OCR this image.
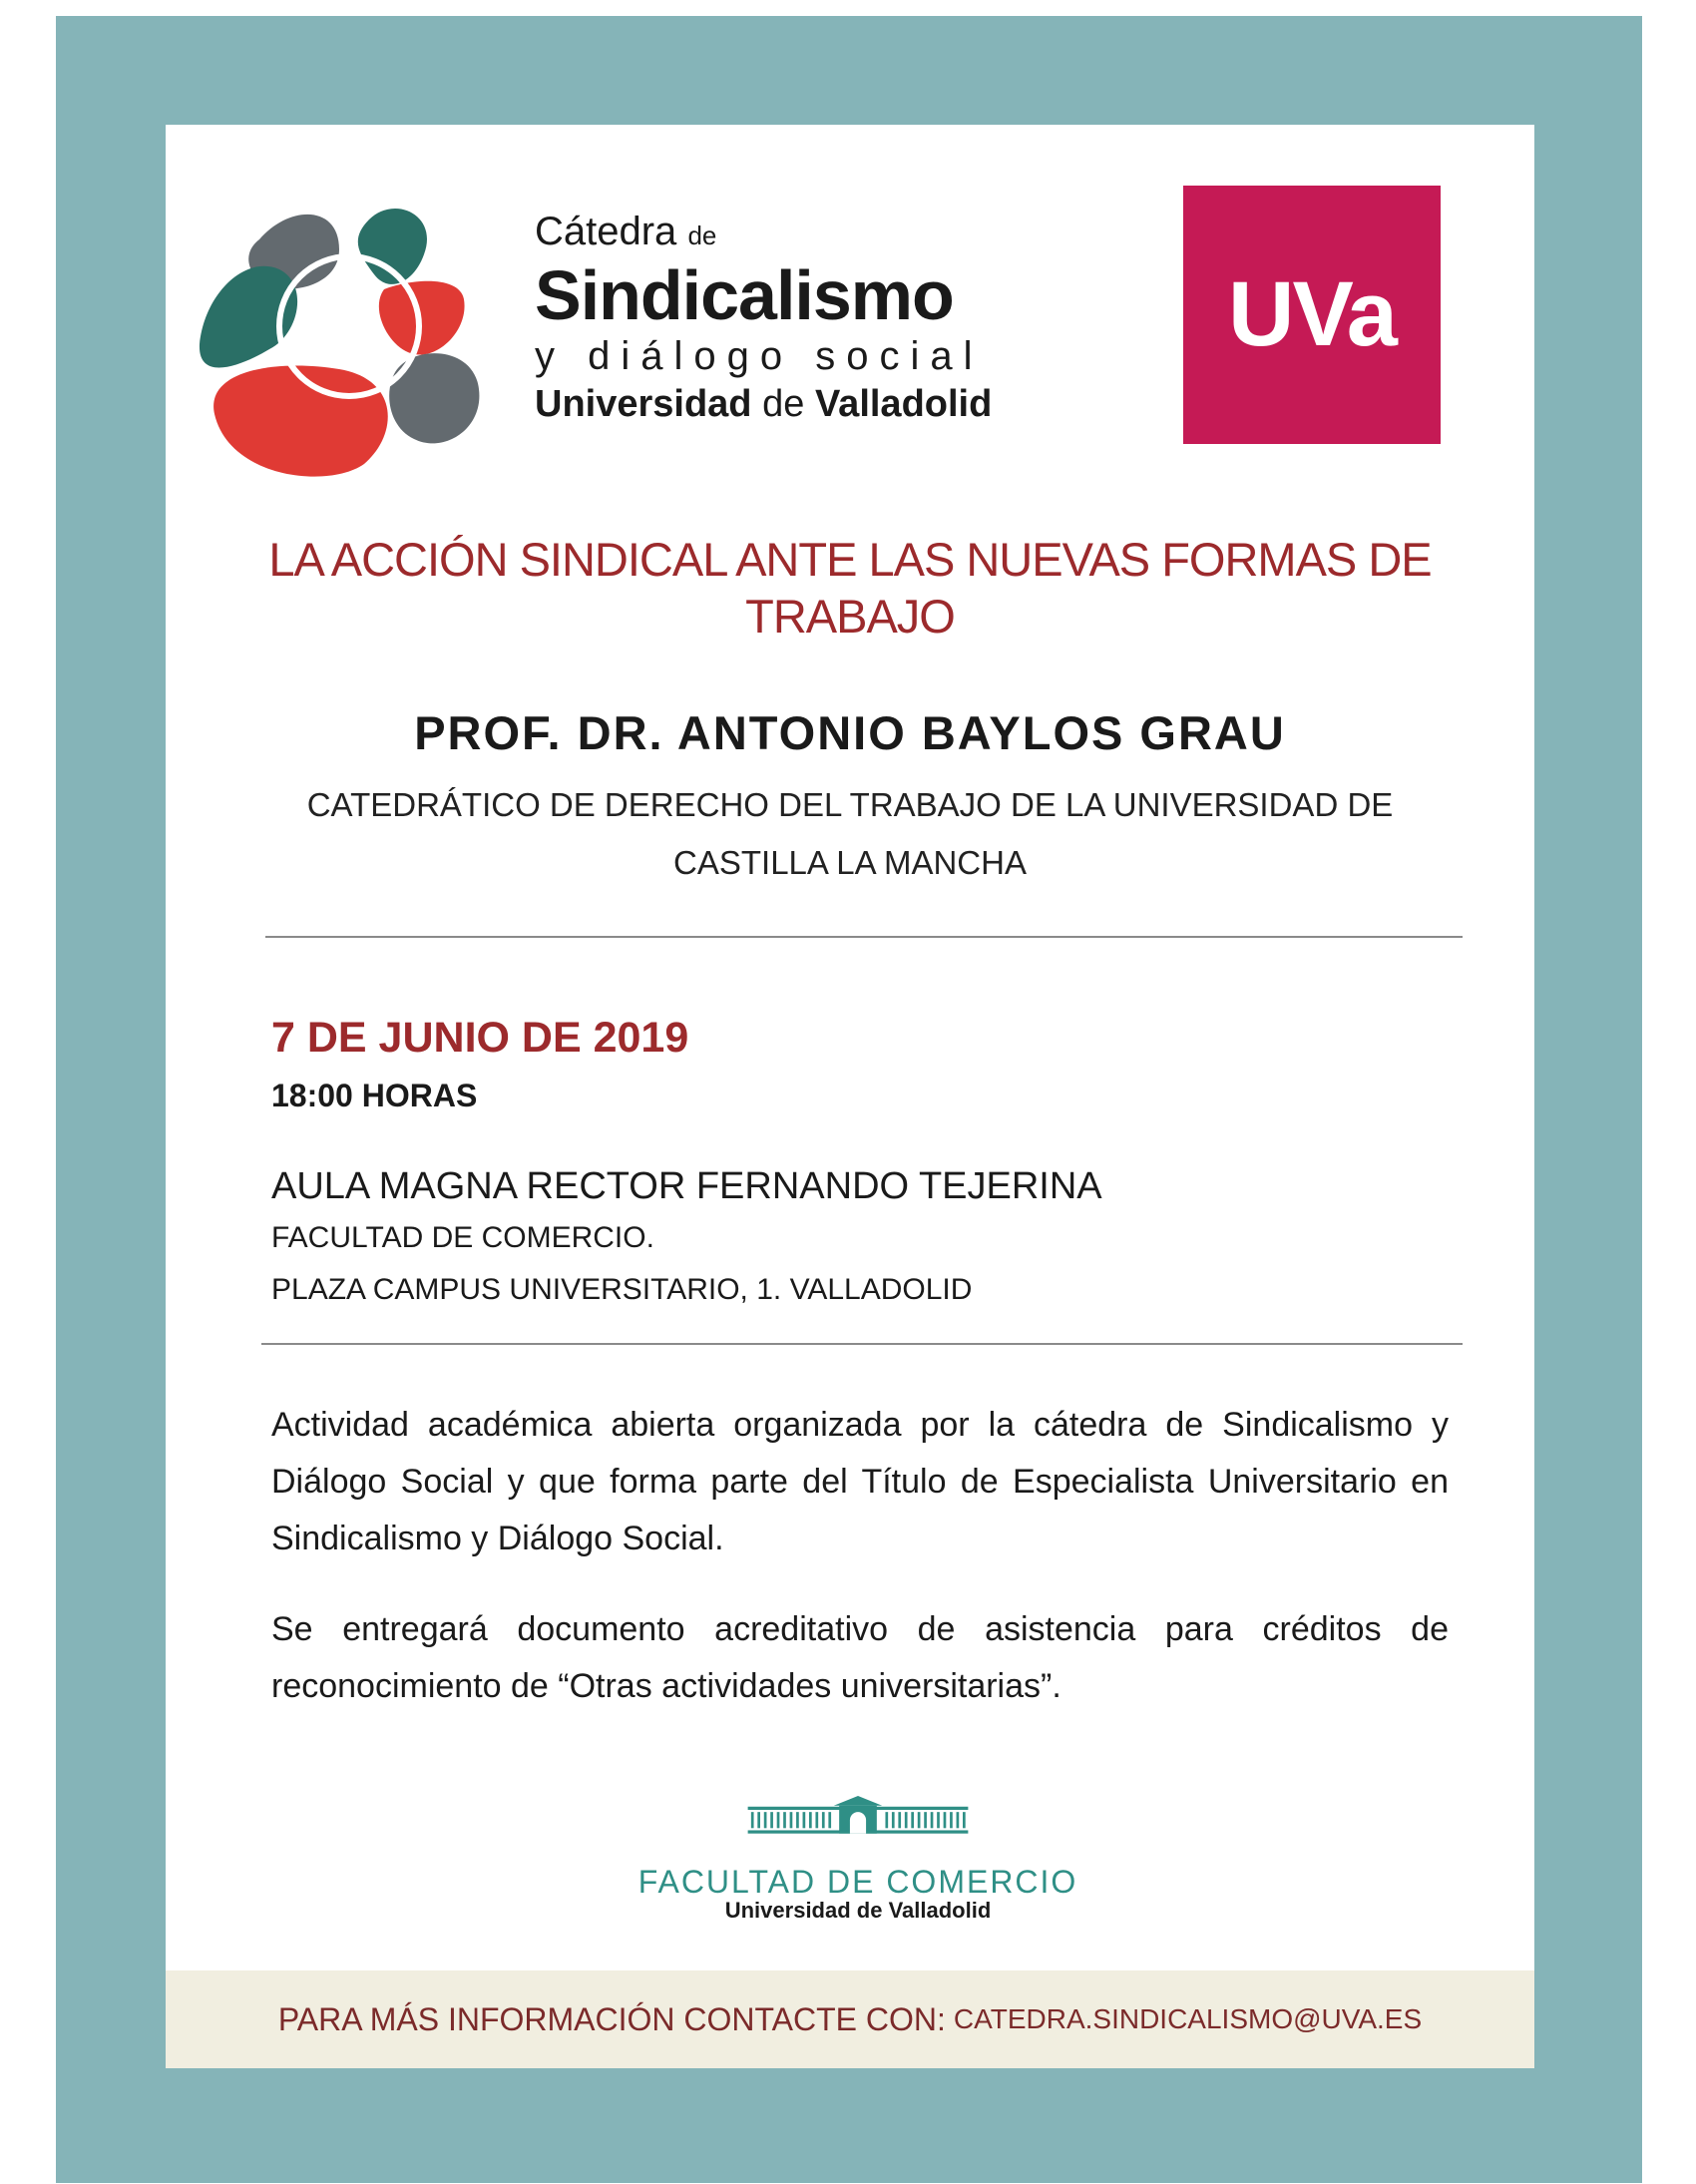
Cátedra de
Sindicalismo
y diálogo social
Universidad de Valladolid
UVa
LA ACCIÓN SINDICAL ANTE LAS NUEVAS FORMAS DE
TRABAJO
PROF. DR. ANTONIO BAYLOS GRAU
CATEDRÁTICO DE DERECHO DEL TRABAJO DE LA UNIVERSIDAD DE
CASTILLA LA MANCHA
7 DE JUNIO DE 2019
18:00 HORAS
AULA MAGNA RECTOR FERNANDO TEJERINA
FACULTAD DE COMERCIO.
PLAZA CAMPUS UNIVERSITARIO, 1. VALLADOLID
Actividad académica abierta organizada por la cátedra de Sindicalismo y Diálogo Social y que forma parte del Título de Especialista Universitario en Sindicalismo y Diálogo Social.
Se entregará documento acreditativo de asistencia para créditos de reconocimiento de “Otras actividades universitarias”.
FACULTAD DE COMERCIO
Universidad de Valladolid
PARA MÁS INFORMACIÓN CONTACTE CON: CATEDRA.SINDICALISMO@UVA.ES
